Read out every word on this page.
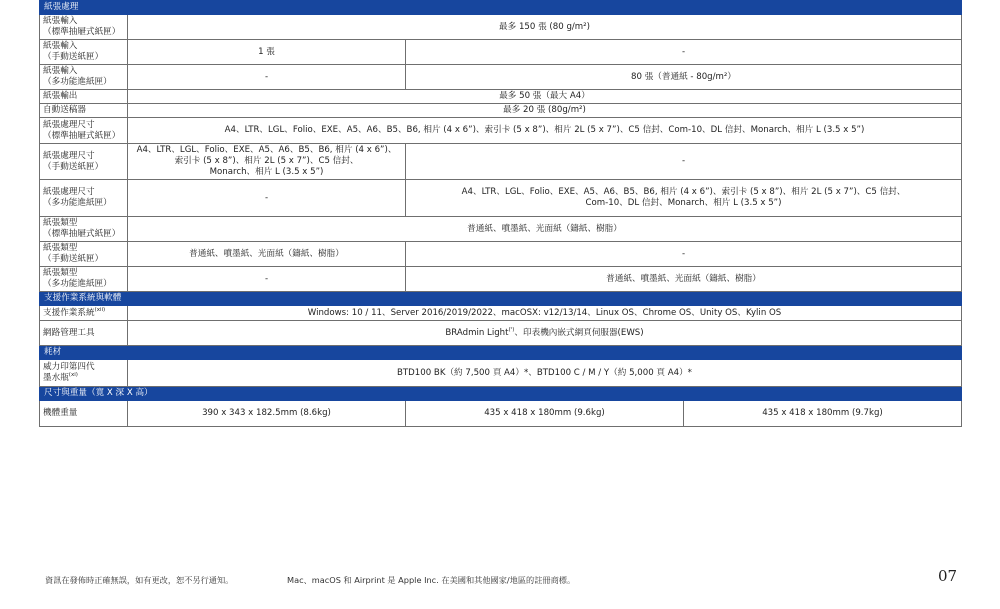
紙張處理			

紙張輸入
（標準抽屜式紙匣）	最多 150 張 (80 g/m²)		

紙張輸入
（手動送紙匣）	1 張	-	

紙張輸入
（多功能進紙匣）	-	80 張（普通紙 - 80g/m²）	
紙張輸出	最多 50 張（最大 A4）		
自動送稿器	最多 20 張 (80g/m²)		

紙張處理尺寸
（標準抽屜式紙匣）	A4、LTR、LGL、Folio、EXE、A5、A6、B5、B6, 相片 (4 x 6”)、索引卡 (5 x 8”)、相片 2L (5 x 7”)、C5 信封、Com-10、DL 信封、Monarch、相片 L (3.5 x 5”)		

紙張處理尺寸
（手動送紙匣）	A4、LTR、LGL、Folio、EXE、A5、A6、B5、B6, 相片 (4 x 6”)、
索引卡 (5 x 8”)、相片 2L (5 x 7”)、C5 信封、
Monarch、相片 L (3.5 x 5”)	-	

紙張處理尺寸
（多功能進紙匣）	-	A4、LTR、LGL、Folio、EXE、A5、A6、B5、B6, 相片 (4 x 6”)、索引卡 (5 x 8”)、相片 2L (5 x 7”)、C5 信封、
Com-10、DL 信封、Monarch、相片 L (3.5 x 5”)	

紙張類型
（標準抽屜式紙匣）	普通紙、噴墨紙、光面紙（鑄紙、樹脂）		

紙張類型
（手動送紙匣）	普通紙、噴墨紙、光面紙（鑄紙、樹脂）	-	

紙張類型
（多功能進紙匣）	-	普通紙、噴墨紙、光面紙（鑄紙、樹脂）	
支援作業系統與軟體			
支援作業系統$^{(xii)}$	Windows: 10 / 11、Server 2016/2019/2022、macOSX: v12/13/14、Linux OS、Chrome OS、Unity OS、Kylin OS		
網路管理工具	BRAdmin Light$^{(ᵗ)}$、印表機內嵌式網頁伺服器(EWS)		
耗材			

威力印第四代
墨水瓶$^{(xi)}$	BTD100 BK（約 7,500 頁 A4）*、BTD100 C / M / Y（約 5,000 頁 A4）*		
尺寸與重量（寬 X 深 X 高）			
機體重量	390 x 343 x 182.5mm (8.6kg)	435 x 418 x 180mm (9.6kg)	435 x 418 x 180mm (9.7kg)
資訊在發佈時正確無誤，如有更改，恕不另行通知。	Mac、macOS 和 Airprint 是 Apple Inc. 在美國和其他國家/地區的註冊商標。	07
